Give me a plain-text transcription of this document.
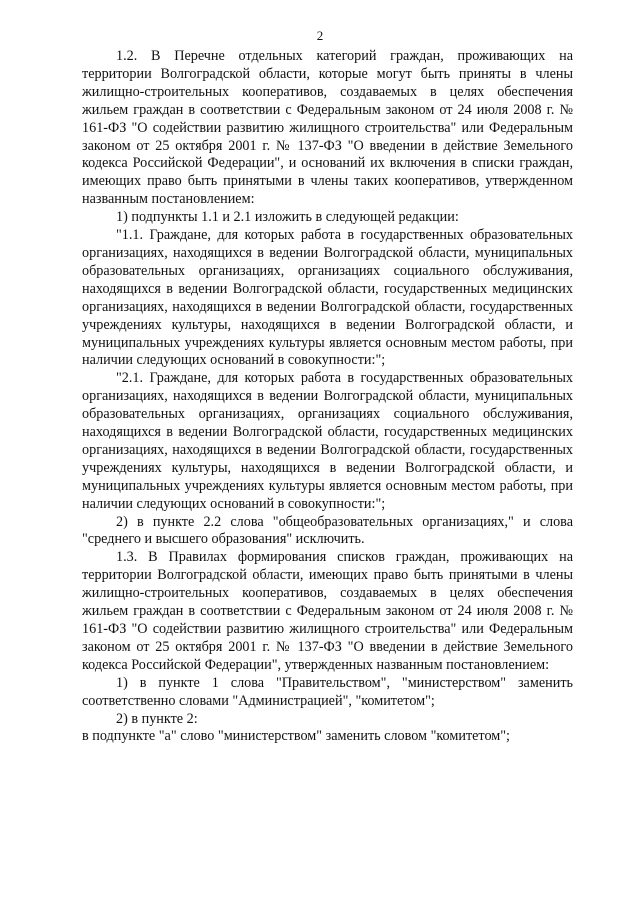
2

1.2. В Перечне отдельных категорий граждан, проживающих на территории Волгоградской области, которые могут быть приняты в члены жилищно-строительных кооперативов, создаваемых в целях обеспечения жильем граждан в соответствии с Федеральным законом от 24 июля 2008 г. № 161-ФЗ "О содействии развитию жилищного строительства" или Федеральным законом от 25 октября 2001 г. № 137-ФЗ "О введении в действие Земельного кодекса Российской Федерации", и оснований их включения в списки граждан, имеющих право быть принятыми в члены таких кооперативов, утвержденном названным постановлением:

1) подпункты 1.1 и 2.1 изложить в следующей редакции:

"1.1. Граждане, для которых работа в государственных образовательных организациях, находящихся в ведении Волгоградской области, муниципальных образовательных организациях, организациях социального обслуживания, находящихся в ведении Волгоградской области, государственных медицинских организациях, находящихся в ведении Волгоградской области, государственных учреждениях культуры, находящихся в ведении Волгоградской области, и муниципальных учреждениях культуры является основным местом работы, при наличии следующих оснований в совокупности:";

"2.1. Граждане, для которых работа в государственных образовательных организациях, находящихся в ведении Волгоградской области, муниципальных образовательных организациях, организациях социального обслуживания, находящихся в ведении Волгоградской области, государственных медицинских организациях, находящихся в ведении Волгоградской области, государственных учреждениях культуры, находящихся в ведении Волгоградской области, и муниципальных учреждениях культуры является основным местом работы, при наличии следующих оснований в совокупности:";

2) в пункте 2.2 слова "общеобразовательных организациях," и слова "среднего и высшего образования" исключить.

1.3. В Правилах формирования списков граждан, проживающих на территории Волгоградской области, имеющих право быть принятыми в члены жилищно-строительных кооперативов, создаваемых в целях обеспечения жильем граждан в соответствии с Федеральным законом от 24 июля 2008 г. № 161-ФЗ "О содействии развитию жилищного строительства" или Федеральным законом от 25 октября 2001 г. № 137-ФЗ "О введении в действие Земельного кодекса Российской Федерации", утвержденных названным постановлением:

1) в пункте 1 слова "Правительством", "министерством" заменить соответственно словами "Администрацией", "комитетом";

2) в пункте 2:

в подпункте "а" слово "министерством" заменить словом "комитетом";
